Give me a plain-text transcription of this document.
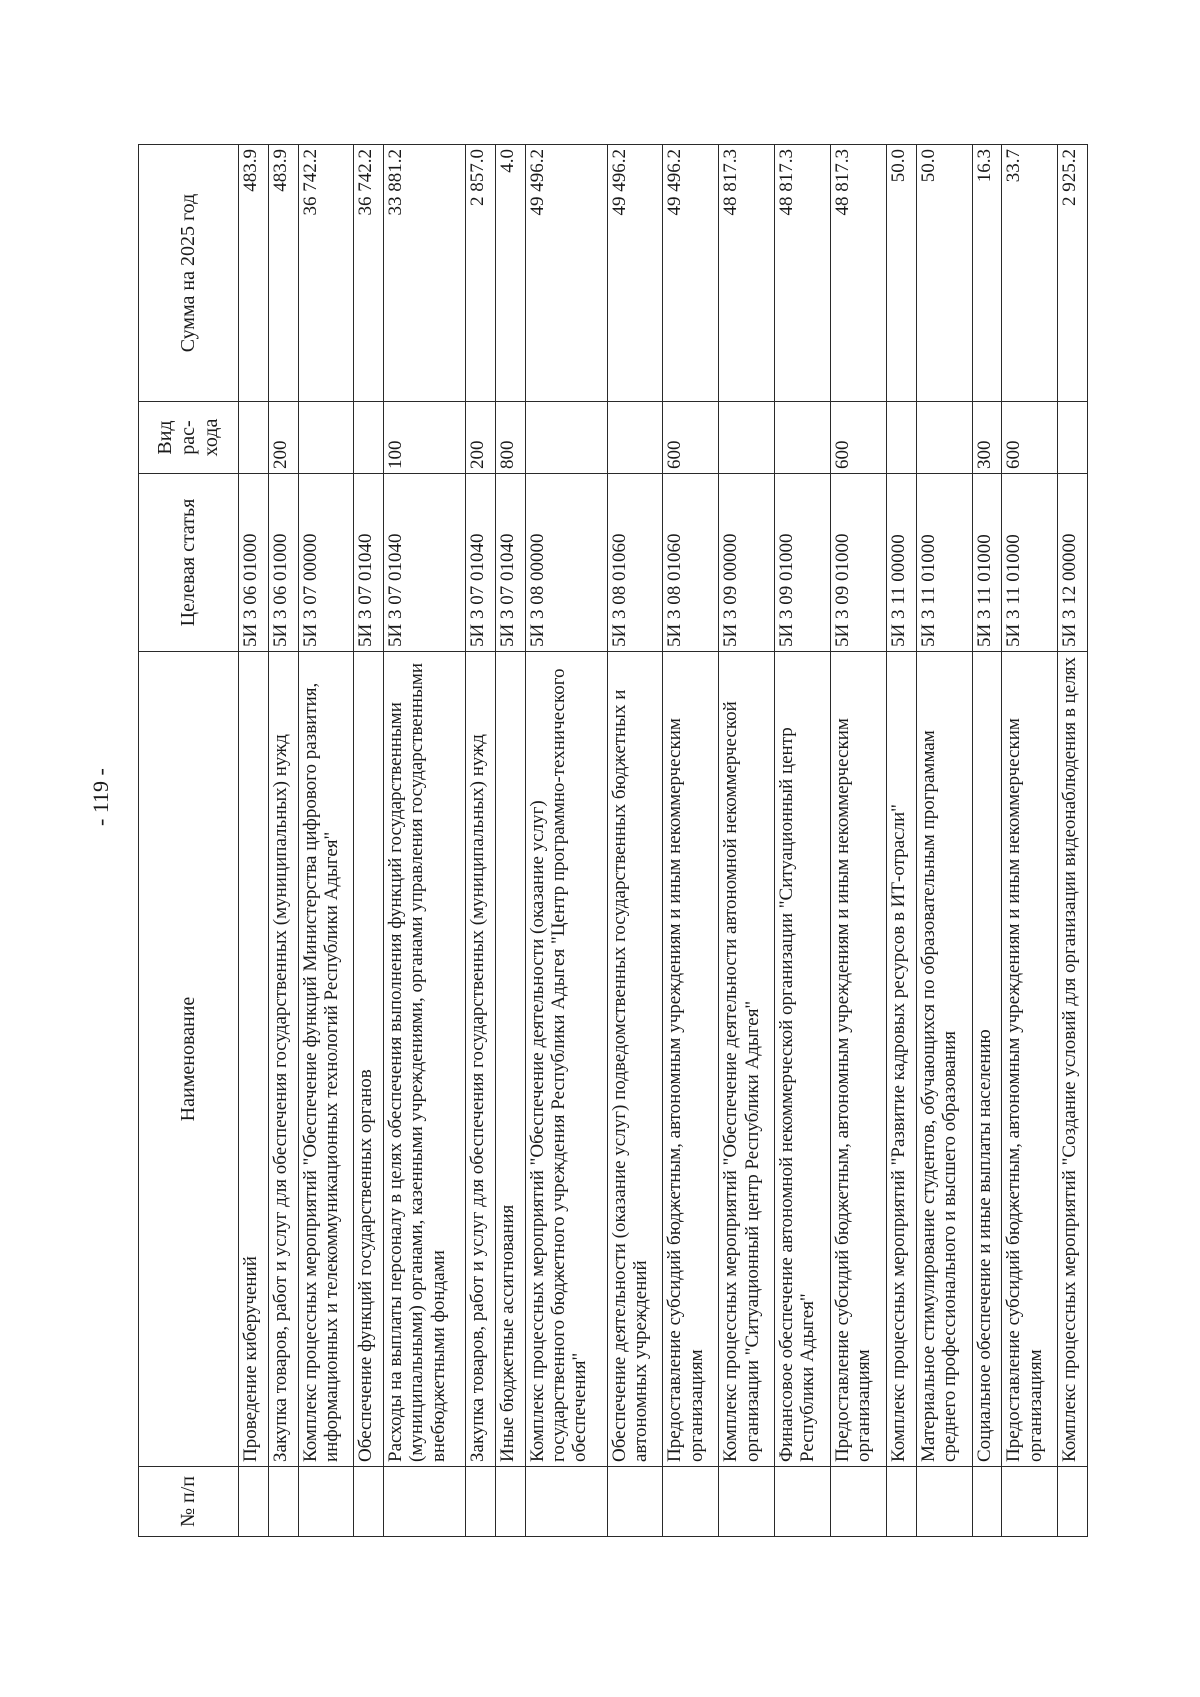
- 119 -
№ п/п	Наименование	Целевая статья	Вид рас-хода	Сумма на 2025 год
	Проведение киберучений	5И 3 06 01000		483.9
	Закупка товаров, работ и услуг для обеспечения государственных (муниципальных) нужд	5И 3 06 01000	200	483.9
	Комплекс процессных мероприятий "Обеспечение функций Министерства цифрового развития, информационных и телекоммуникационных технологий Республики Адыгея"	5И 3 07 00000		36 742.2
	Обеспечение функций государственных органов	5И 3 07 01040		36 742.2
	Расходы на выплаты персоналу в целях обеспечения выполнения функций государственными (муниципальными) органами, казенными учреждениями, органами управления государственными внебюджетными фондами	5И 3 07 01040	100	33 881.2
	Закупка товаров, работ и услуг для обеспечения государственных (муниципальных) нужд	5И 3 07 01040	200	2 857.0
	Иные бюджетные ассигнования	5И 3 07 01040	800	4.0
	Комплекс процессных мероприятий "Обеспечение деятельности (оказание услуг) государственного бюджетного учреждения Республики Адыгея "Центр программно-технического обеспечения"	5И 3 08 00000		49 496.2
	Обеспечение деятельности (оказание услуг) подведомственных государственных бюджетных и автономных учреждений	5И 3 08 01060		49 496.2
	Предоставление субсидий бюджетным, автономным учреждениям и иным некоммерческим организациям	5И 3 08 01060	600	49 496.2
	Комплекс процессных мероприятий "Обеспечение деятельности автономной некоммерческой организации "Ситуационный центр Республики Адыгея"	5И 3 09 00000		48 817.3
	Финансовое обеспечение автономной некоммерческой организации "Ситуационный центр Республики Адыгея"	5И 3 09 01000		48 817.3
	Предоставление субсидий бюджетным, автономным учреждениям и иным некоммерческим организациям	5И 3 09 01000	600	48 817.3
	Комплекс процессных мероприятий "Развитие кадровых ресурсов в ИТ-отрасли"	5И 3 11 00000		50.0
	Материальное стимулирование студентов, обучающихся по образовательным программам среднего профессионального и высшего образования	5И 3 11 01000		50.0
	Социальное обеспечение и иные выплаты населению	5И 3 11 01000	300	16.3
	Предоставление субсидий бюджетным, автономным учреждениям и иным некоммерческим организациям	5И 3 11 01000	600	33.7
	Комплекс процессных мероприятий "Создание условий для организации видеонаблюдения в целях	5И 3 12 00000		2 925.2
